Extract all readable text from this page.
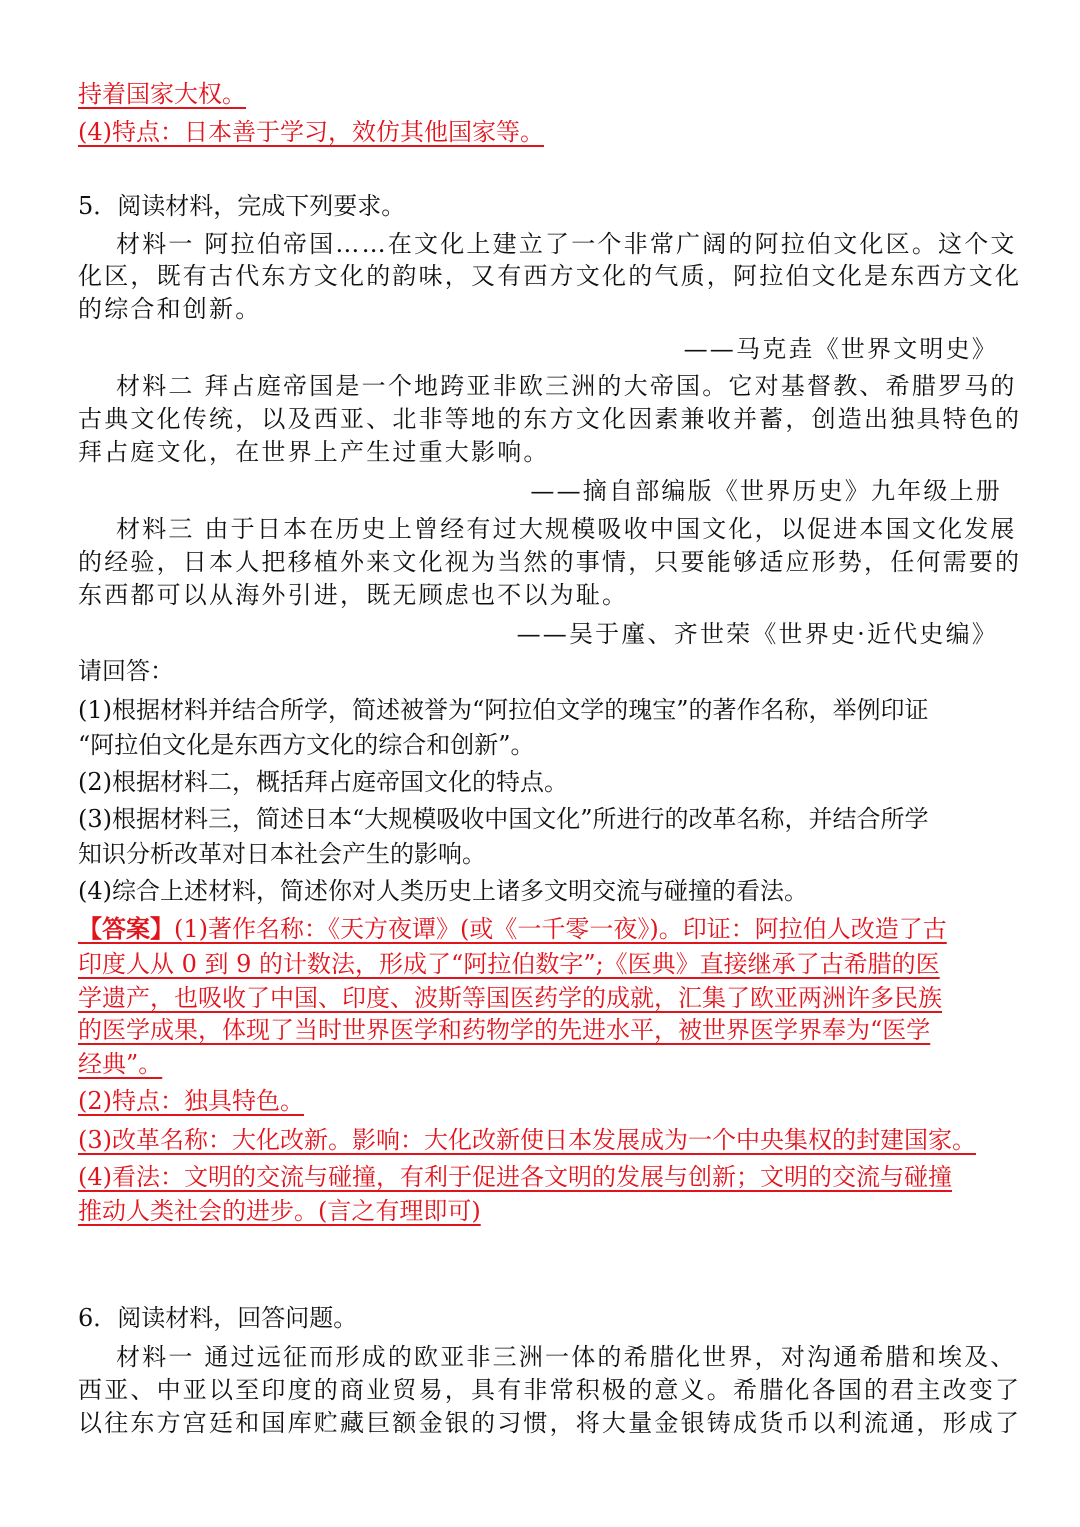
持着国家大权。
(4)特点：日本善于学习，效仿其他国家等。
5．阅读材料，完成下列要求。
材料一 阿拉伯帝国……在文化上建立了一个非常广阔的阿拉伯文化区。这个文
化区，既有古代东方文化的韵味，又有西方文化的气质，阿拉伯文化是东西方文化
的综合和创新。
——马克垚《世界文明史》
材料二 拜占庭帝国是一个地跨亚非欧三洲的大帝国。它对基督教、希腊罗马的
古典文化传统，以及西亚、北非等地的东方文化因素兼收并蓄，创造出独具特色的
拜占庭文化，在世界上产生过重大影响。
——摘自部编版《世界历史》九年级上册
材料三 由于日本在历史上曾经有过大规模吸收中国文化，以促进本国文化发展
的经验，日本人把移植外来文化视为当然的事情，只要能够适应形势，任何需要的
东西都可以从海外引进，既无顾虑也不以为耻。
——吴于廑、齐世荣《世界史·近代史编》
请回答：
(1)根据材料并结合所学，简述被誉为“阿拉伯文学的瑰宝”的著作名称，举例印证
“阿拉伯文化是东西方文化的综合和创新”。
(2)根据材料二，概括拜占庭帝国文化的特点。
(3)根据材料三，简述日本“大规模吸收中国文化”所进行的改革名称，并结合所学
知识分析改革对日本社会产生的影响。
(4)综合上述材料，简述你对人类历史上诸多文明交流与碰撞的看法。
【答案】(1)著作名称：《天方夜谭》(或《一千零一夜》)。印证：阿拉伯人改造了古
印度人从 0 到 9 的计数法，形成了“阿拉伯数字”;《医典》直接继承了古希腊的医
学遗产，也吸收了中国、印度、波斯等国医药学的成就，汇集了欧亚两洲许多民族
的医学成果，体现了当时世界医学和药物学的先进水平，被世界医学界奉为“医学
经典”。
(2)特点：独具特色。
(3)改革名称：大化改新。影响：大化改新使日本发展成为一个中央集权的封建国家。
(4)看法：文明的交流与碰撞，有利于促进各文明的发展与创新；文明的交流与碰撞
推动人类社会的进步。(言之有理即可)
6．阅读材料，回答问题。
材料一 通过远征而形成的欧亚非三洲一体的希腊化世界，对沟通希腊和埃及、
西亚、中亚以至印度的商业贸易，具有非常积极的意义。希腊化各国的君主改变了
以往东方宫廷和国库贮藏巨额金银的习惯，将大量金银铸成货币以利流通，形成了
